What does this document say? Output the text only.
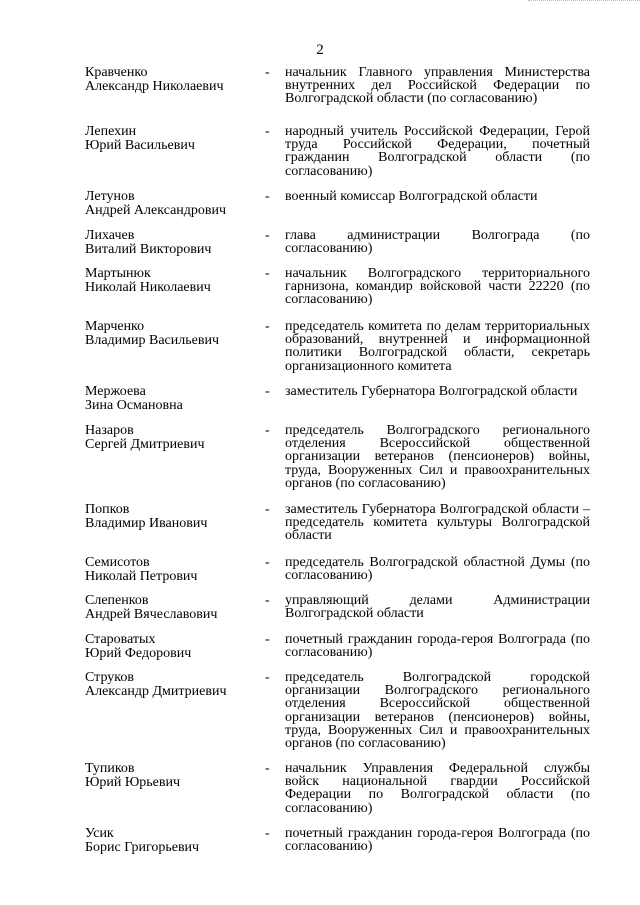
2
Кравченко
Александр Николаевич
- начальник Главного управления Министерства внутренних дел Российской Федерации по Волгоградской области (по согласованию)
Лепехин
Юрий Васильевич
- народный учитель Российской Федерации, Герой труда Российской Федерации, почетный гражданин Волгоградской области (по согласованию)
Летунов
Андрей Александрович
- военный комиссар Волгоградской области
Лихачев
Виталий Викторович
- глава администрации Волгограда (по согласованию)
Мартынюк
Николай Николаевич
- начальник Волгоградского территориального гарнизона, командир войсковой части 22220 (по согласованию)
Марченко
Владимир Васильевич
- председатель комитета по делам территориальных образований, внутренней и информационной политики Волгоградской области, секретарь организационного комитета
Мержоева
Зина Османовна
- заместитель Губернатора Волгоградской области
Назаров
Сергей Дмитриевич
- председатель Волгоградского регионального отделения Всероссийской общественной организации ветеранов (пенсионеров) войны, труда, Вооруженных Сил и правоохранительных органов (по согласованию)
Попков
Владимир Иванович
- заместитель Губернатора Волгоградской области – председатель комитета культуры Волгоградской области
Семисотов
Николай Петрович
- председатель Волгоградской областной Думы (по согласованию)
Слепенков
Андрей Вячеславович
- управляющий делами Администрации Волгоградской области
Староватых
Юрий Федорович
- почетный гражданин города-героя Волгограда (по согласованию)
Струков
Александр Дмитриевич
- председатель Волгоградской городской организации Волгоградского регионального отделения Всероссийской общественной организации ветеранов (пенсионеров) войны, труда, Вооруженных Сил и правоохранительных органов (по согласованию)
Тупиков
Юрий Юрьевич
- начальник Управления Федеральной службы войск национальной гвардии Российской Федерации по Волгоградской области (по согласованию)
Усик
Борис Григорьевич
- почетный гражданин города-героя Волгограда (по согласованию)
